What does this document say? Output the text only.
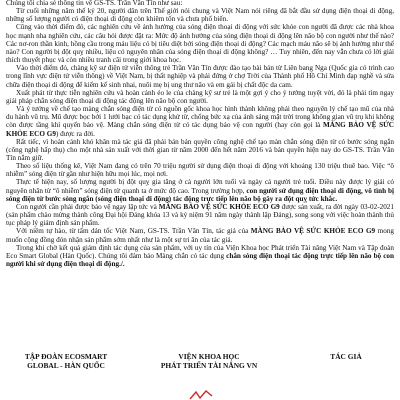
Chúng tôi chia sẻ thông tin về GS-TS. Trần Văn Tín như sau:

Từ cuối những năm thế kỷ 20, người dân trên Thế giới nói chung và Việt Nam nói riêng đã bắt đầu sử dụng điện thoại di động, những số lượng người có điện thoại di động còn khiêm tốn và chưa phổ biến.

Cũng vào thời điểm đó, các nghiên cứu về ảnh hưởng của sóng điện thoại di động với sức khỏe con người đã được các nhà khoa học mạnh nha nghiên cứu, các câu hỏi được đặt ra: Mức độ ảnh hưởng của sóng điện thoại di động lên não bộ con người như thế nào? Các nơ-ron thần kinh, hồng cầu trong máu liệu có bị tiêu diệt bởi sóng điện thoại di động? Các mạch máu não sẽ bị ảnh hưởng như thế nào? Con người bị đột quỵ nhiều, liệu có nguyên nhân của sóng điện thoại di động không? … Tuy nhiên, đến nay vẫn chưa có lời giải thích thuyết phục và còn nhiều tranh cãi trong giới khoa học.

Vào thời điểm đó, chàng kỹ sư điện tử viễn thông trẻ Trần Văn Tín được đào tạo bài bản từ Liên bang Nga (Quốc gia có trình cao trong lĩnh vực điện tử viễn thông) về Việt Nam, bị thất nghiệp và phải đứng ở chợ Trời của Thành phố Hồ Chí Minh đạp nghề và sửa chữa điện thoại di động để kiếm kế sinh nhai, nuôi mẹ bị ung thư não và em gái bị chất độc da cam.

Xuất phát từ thực tiễn nghiên cứu và hoàn cảnh éo le của chàng kỹ sư trẻ là một gợi ý cho ý tưởng tuyệt vời, đó là phải tìm ngay giải pháp chắn sóng điện thoại di động tác động lên não bộ con người.

Và ý tưởng về chế tạo màng chắn sóng điện từ có nguồn gốc khoa học hình thành không phải theo nguyên lý chế tạo mũ của nhà du hành vũ trụ. Mũ được bọc bởi 1 lưới bạc có tác dụng khử từ, chống bức xạ của ánh sáng mặt trời trong không gian vũ trụ khi không còn được tầng khí quyển bảo vệ. Màng chắn sóng điện từ có tác dụng bảo vệ con người (hay còn gọi là MÀNG BẢO VỆ SỨC KHỎE ECO G9) được ra đời.

Rất tiếc, vì hoàn cảnh khó khăn mà tác giả đã phải bán bản quyền công nghệ chế tạo màn chắn sóng điện từ có bước sóng ngắn (công nghệ hấp thụ) cho một nhà sản xuất với thời gian từ năm 2000 đến hết năm 2016 và bản quyền hiện nay do GS-TS. Trần Văn Tín nắm giữ.

Theo số liệu thống kê, Việt Nam đang có trên 70 triệu người sử dụng điện thoại di động với khoảng 130 triệu thuê bao. Việc “ô nhiễm” sóng điện từ gần như hiện hữu mọi lúc, mọi nơi.

Thực tế hiện nay, số lượng người bị đột quỵ gia tăng ở cả người lớn tuổi và ngày cả người trẻ tuổi. Điều này được lý giải có nguyên nhân từ “ô nhiễm” sóng điện từ quanh ta ở mức độ cao. Trong trường hợp, con người sử dụng điện thoại di động, vô tình bị sóng điện từ bước sóng ngắn (sóng điện thoại di động) tác động trực tiếp lên não bộ gây ra đột quỵ tức khắc.

Con người cần phải được bảo vệ ngay lập tức và MÀNG BẢO VỆ SỨC KHỎE ECO G9 được sản xuất, ra đời ngày 03-02-2021 (sản phẩm chào mừng thành công Đại hội Đảng khóa 13 và kỷ niệm 91 năm ngày thành lập Đảng), song song với việc hoàn thành thủ tục pháp lý giám định sản phẩm.

Với niềm tự hào, từ tấm dán tốc Việt Nam, GS-TS. Trần Văn Tín, tác giả của MÀNG BẢO VỆ SỨC KHỎE ECO G9 mong muốn cộng đồng đón nhận sản phẩm sớm nhất như là một sự tri ân của tác giả.

Trong khi chờ kết quả giám định tác dụng của sản phẩm, với uy tín của Viện Khoa học Phát triển Tài năng Việt Nam và Tập đoàn Eco Smart Global (Hàn Quốc). Chúng tôi đảm bảo Màng chắn có tác dụng chắn sóng điện thoại tác động trực tiếp lên não bộ con người khi sử dụng điện thoại di động./.

TẬP ĐOÀN ECOSMART
GLOBAL - HÀN QUỐC
VIỆN KHOA HỌC
PHÁT TRIỂN TÀI NĂNG VN
TÁC GIẢ
